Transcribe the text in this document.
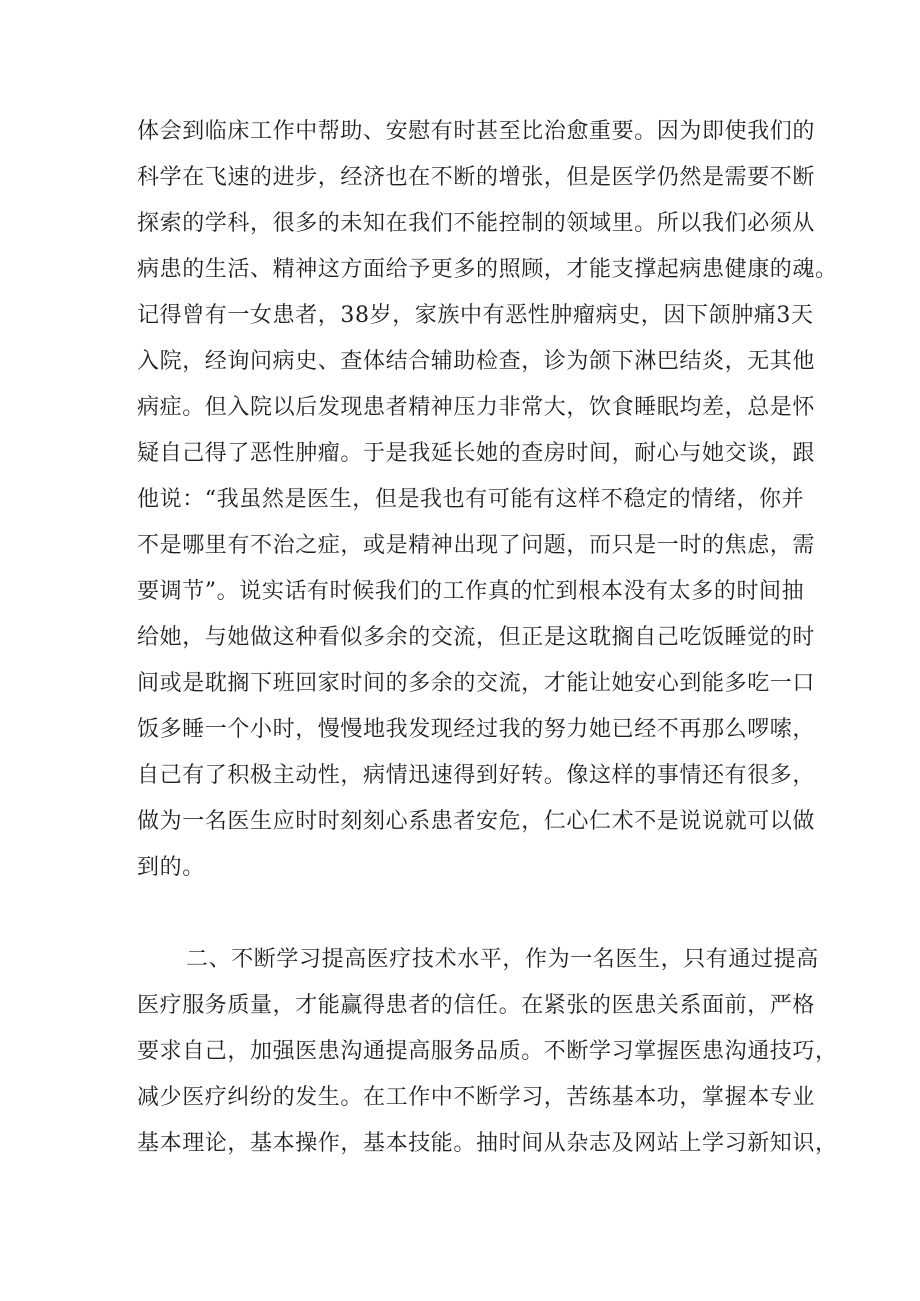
体会到临床工作中帮助、安慰有时甚至比治愈重要。因为即使我们的
科学在飞速的进步，经济也在不断的增张，但是医学仍然是需要不断
探索的学科，很多的未知在我们不能控制的领域里。所以我们必须从
病患的生活、精神这方面给予更多的照顾，才能支撑起病患健康的魂。
记得曾有一女患者，38岁，家族中有恶性肿瘤病史，因下颌肿痛3天
入院，经询问病史、查体结合辅助检查，诊为颌下淋巴结炎，无其他
病症。但入院以后发现患者精神压力非常大，饮食睡眠均差，总是怀
疑自己得了恶性肿瘤。于是我延长她的查房时间，耐心与她交谈，跟
他说：“我虽然是医生，但是我也有可能有这样不稳定的情绪，你并
不是哪里有不治之症，或是精神出现了问题，而只是一时的焦虑，需
要调节”。说实话有时候我们的工作真的忙到根本没有太多的时间抽
给她，与她做这种看似多余的交流，但正是这耽搁自己吃饭睡觉的时
间或是耽搁下班回家时间的多余的交流，才能让她安心到能多吃一口
饭多睡一个小时，慢慢地我发现经过我的努力她已经不再那么啰嗦，
自己有了积极主动性，病情迅速得到好转。像这样的事情还有很多，
做为一名医生应时时刻刻心系患者安危，仁心仁术不是说说就可以做
到的。
二、不断学习提高医疗技术水平，作为一名医生，只有通过提高
医疗服务质量，才能赢得患者的信任。在紧张的医患关系面前，严格
要求自己，加强医患沟通提高服务品质。不断学习掌握医患沟通技巧，
减少医疗纠纷的发生。在工作中不断学习，苦练基本功，掌握本专业
基本理论，基本操作，基本技能。抽时间从杂志及网站上学习新知识，
